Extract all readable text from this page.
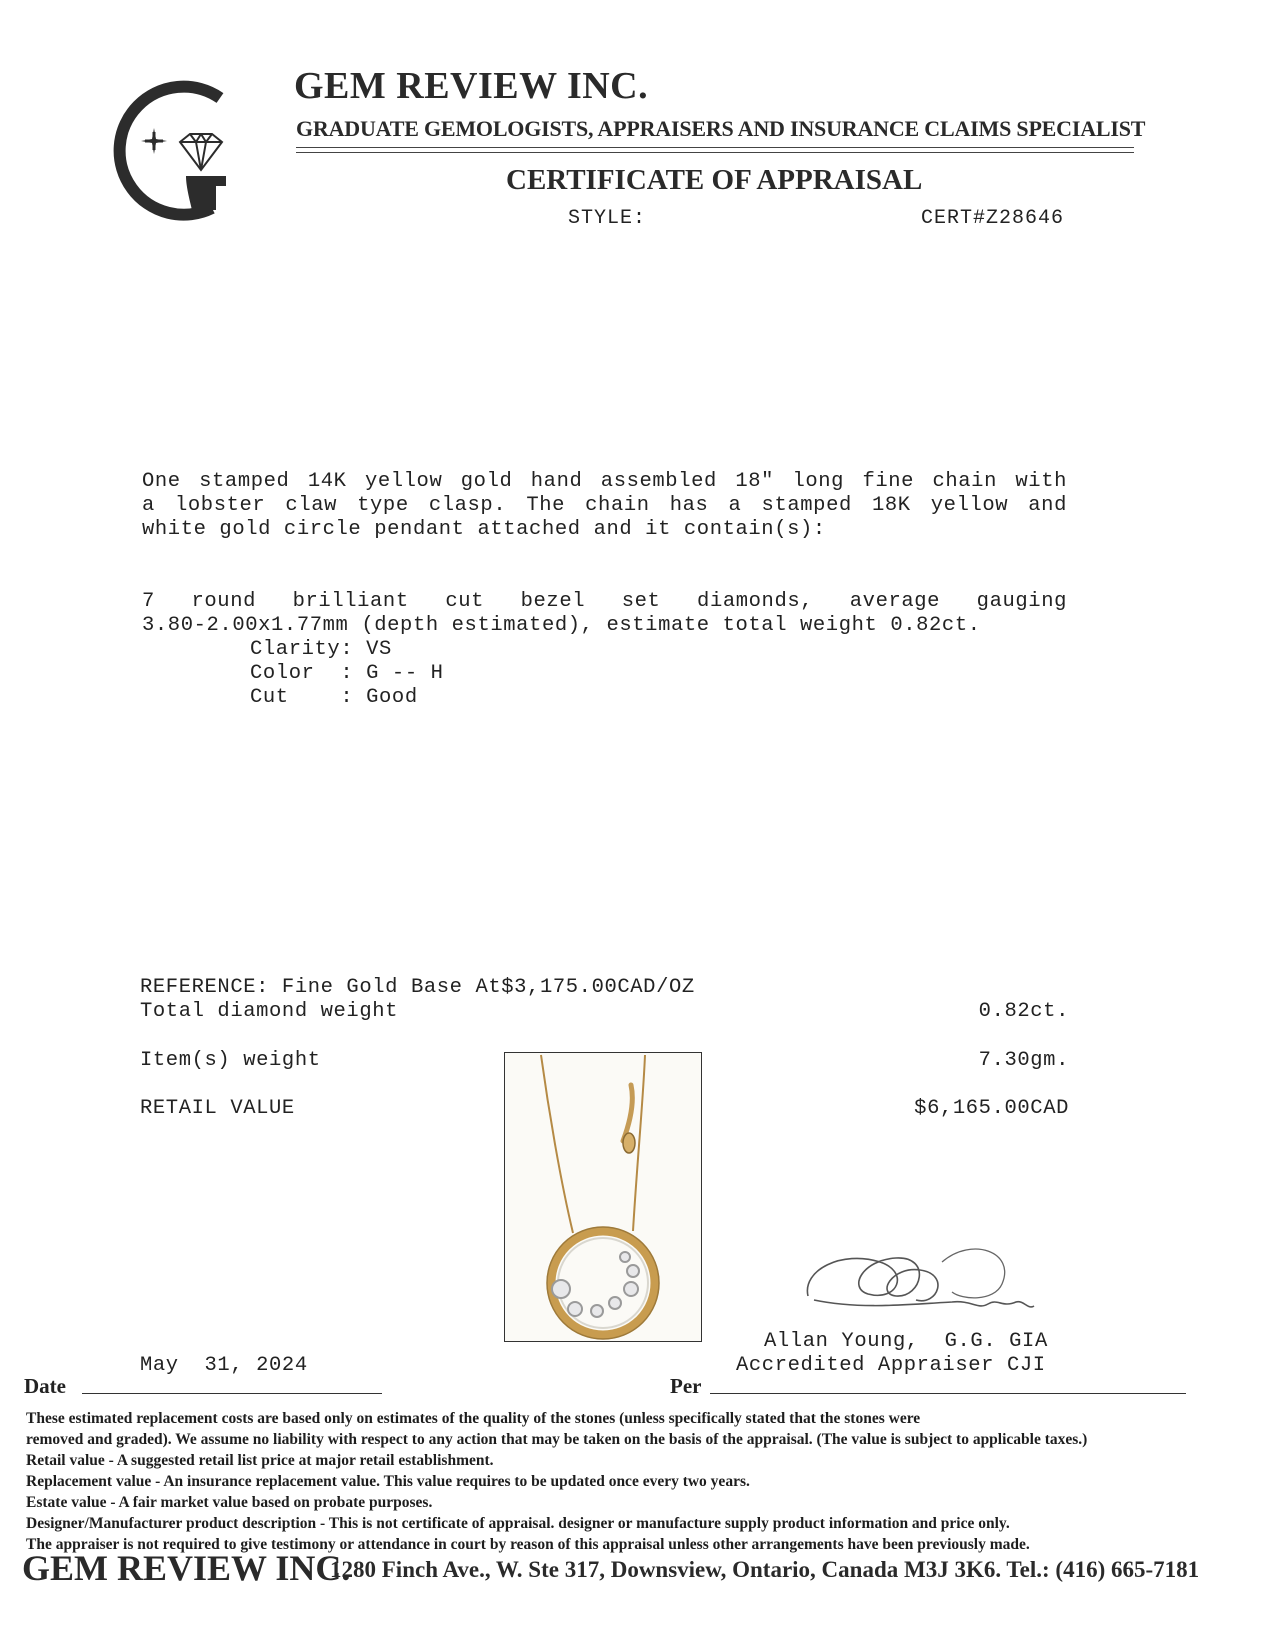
GEM REVIEW INC.
GRADUATE GEMOLOGISTS, APPRAISERS AND INSURANCE CLAIMS SPECIALIST
CERTIFICATE OF APPRAISAL
STYLE:	CERT#Z28646
One stamped 14K yellow gold hand assembled 18" long fine chain with
a lobster claw type clasp. The chain has a stamped 18K yellow and
white gold circle pendant attached and it contain(s):
7 round brilliant cut bezel set diamonds, average gauging
3.80-2.00x1.77mm (depth estimated), estimate total weight 0.82ct.
Clarity: VS
Color  : G -- H
Cut    : Good
REFERENCE: Fine Gold Base At$3,175.00CAD/OZ
Total diamond weight	0.82ct.
Item(s) weight	7.30gm.
RETAIL VALUE	$6,165.00CAD
Allan Young,  G.G. GIA
Accredited Appraiser CJI
May  31, 2024
Date	Per
These estimated replacement costs are based only on estimates of the quality of the stones (unless specifically stated that the stones were
removed and graded). We assume no liability with respect to any action that may be taken on the basis of the appraisal. (The value is subject to applicable taxes.)
Retail value - A suggested retail list price at major retail establishment.
Replacement value - An insurance replacement value. This value requires to be updated once every two years.
Estate value - A fair market value based on probate purposes.
Designer/Manufacturer product description - This is not certificate of appraisal. designer or manufacture supply product information and price only.
The appraiser is not required to give testimony or attendance in court by reason of this appraisal unless other arrangements have been previously made.
GEM REVIEW INC.
1280 Finch Ave., W. Ste 317, Downsview, Ontario, Canada M3J 3K6. Tel.: (416) 665-7181
